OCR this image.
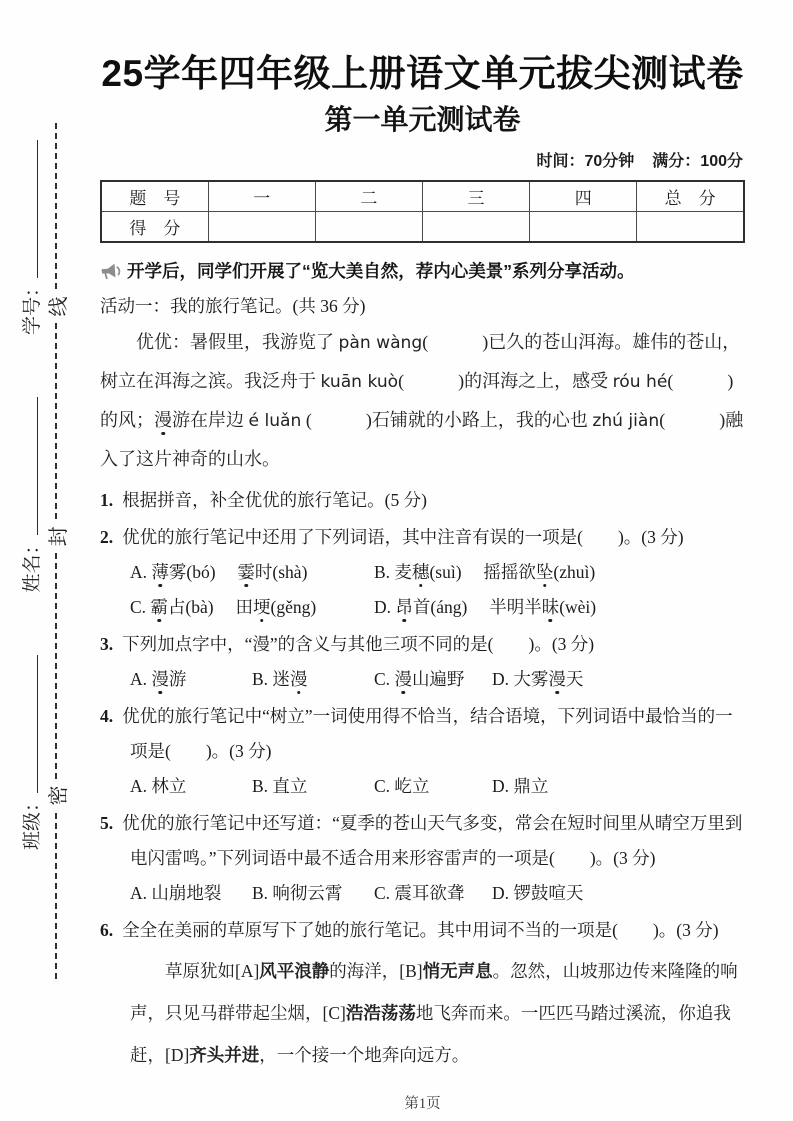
班级：
姓名：
学号：
密
封
线
25学年四年级上册语文单元拔尖测试卷
第一单元测试卷
时间：70分钟 满分：100分
题　号	一	二	三	四	总　分
得　分					
开学后，同学们开展了“览大美自然，荐内心美景”系列分享活动。
活动一：我的旅行笔记。(共 36 分)

优优：暑假里，我游览了 pàn wàng(　　　)已久的苍山洱海。雄伟的苍山，树立在洱海之滨。我泛舟于 kuān kuò(　　　)的洱海之上，感受 róu hé(　　　)的风；漫游在岸边 é luǎn (　　　)石铺就的小路上，我的心也 zhú jiàn(　　　)融入了这片神奇的山水。

1. 根据拼音，补全优优的旅行笔记。(5 分)
2. 优优的旅行笔记中还用了下列词语，其中注音有误的一项是(　　)。(3 分)
A. 薄雾(bó)　 霎时(shà)	B. 麦穗(suì)　 摇摇欲坠(zhuì)
C. 霸占(bà)　 田埂(gěng)	D. 昂首(áng)　 半明半昧(wèi)
3. 下列加点字中，“漫”的含义与其他三项不同的是(　　)。(3 分)
A. 漫游	B. 迷漫	C. 漫山遍野	D. 大雾漫天
4. 优优的旅行笔记中“树立”一词使用得不恰当，结合语境，下列词语中最恰当的一项是(　　)。(3 分)
A. 林立	B. 直立	C. 屹立	D. 鼎立
5. 优优的旅行笔记中还写道：“夏季的苍山天气多变，常会在短时间里从晴空万里到电闪雷鸣。”下列词语中最不适合用来形容雷声的一项是(　　)。(3 分)
A. 山崩地裂	B. 响彻云霄	C. 震耳欲聋	D. 锣鼓喧天
6. 全全在美丽的草原写下了她的旅行笔记。其中用词不当的一项是(　　)。(3 分)

草原犹如[A]风平浪静的海洋，[B]悄无声息。忽然，山坡那边传来隆隆的响声，只见马群带起尘烟，[C]浩浩荡荡地飞奔而来。一匹匹马踏过溪流，你追我赶，[D]齐头并进，一个接一个地奔向远方。

第1页
